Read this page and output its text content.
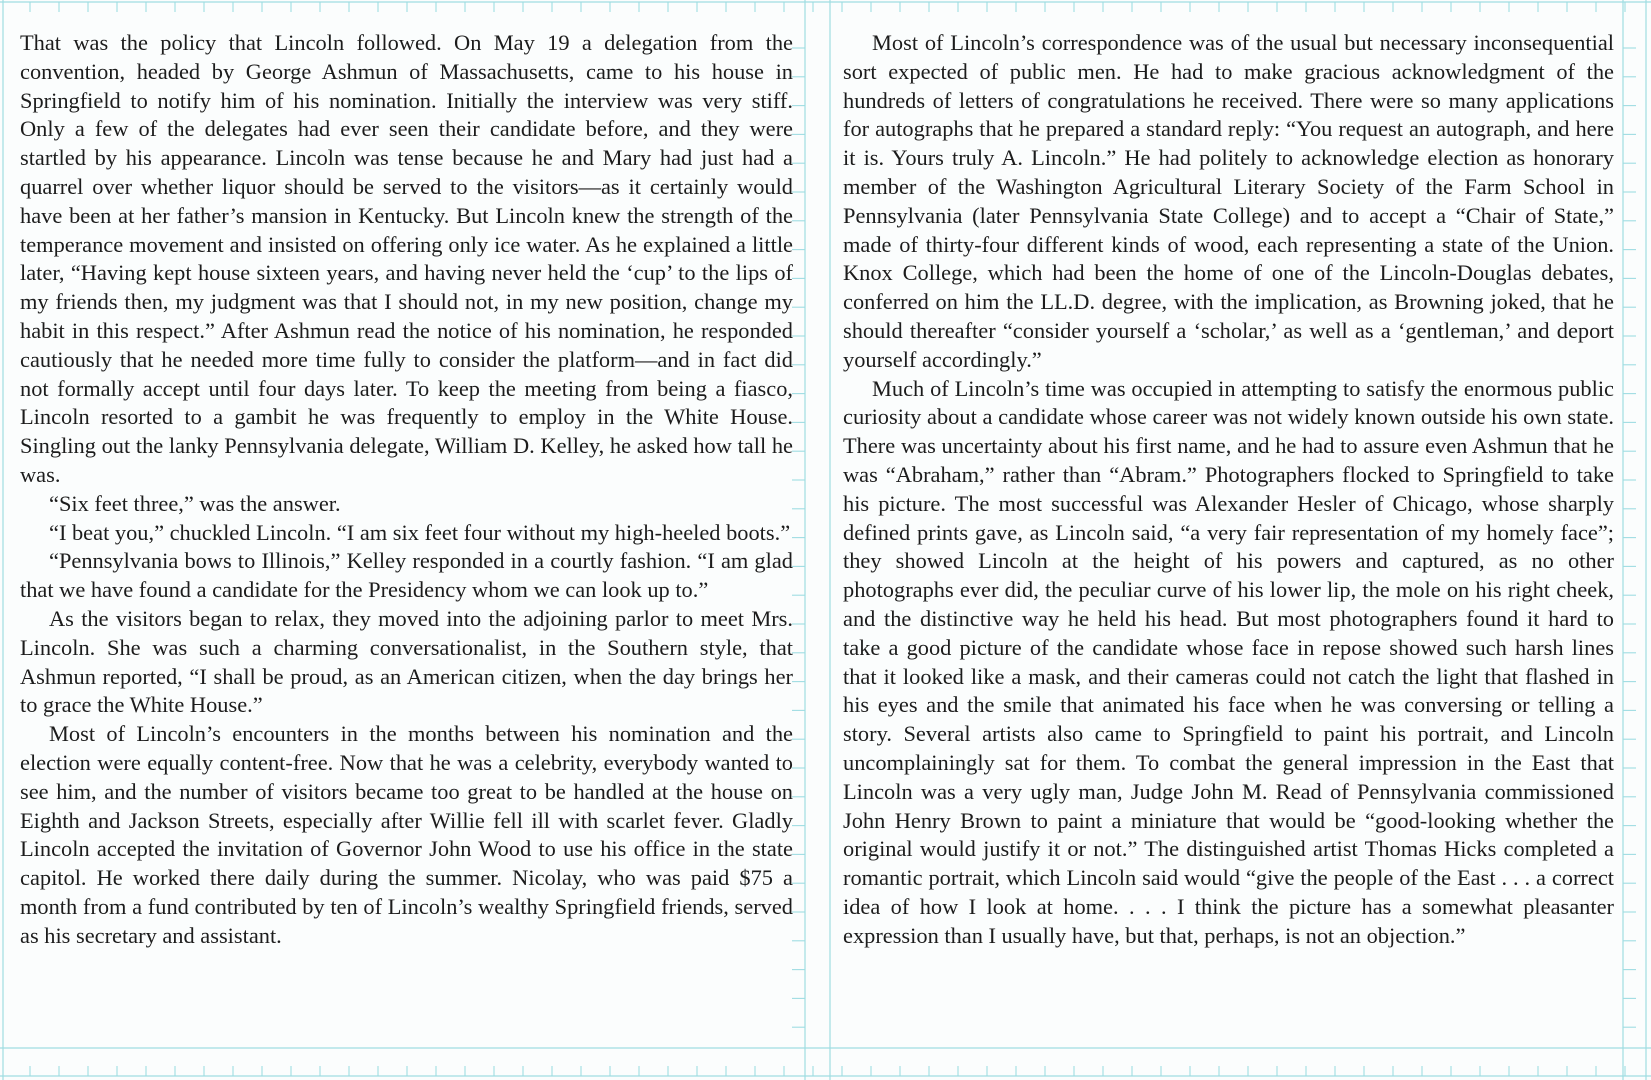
That was the policy that Lincoln followed. On May 19 a delegation from the convention, headed by George Ashmun of Massachusetts, came to his house in Springfield to notify him of his nomination. Initially the interview was very stiff. Only a few of the delegates had ever seen their candidate before, and they were startled by his appearance. Lincoln was tense because he and Mary had just had a quarrel over whether liquor should be served to the visitors—as it certainly would have been at her father’s mansion in Kentucky. But Lincoln knew the strength of the temperance movement and insisted on offering only ice water. As he explained a little later, “Having kept house sixteen years, and having never held the ‘cup’ to the lips of my friends then, my judgment was that I should not, in my new position, change my habit in this respect.” After Ashmun read the notice of his nomination, he responded cautiously that he needed more time fully to consider the platform—and in fact did not formally accept until four days later. To keep the meeting from being a fiasco, Lincoln resorted to a gambit he was frequently to employ in the White House. Singling out the lanky Pennsylvania delegate, William D. Kelley, he asked how tall he was.

“Six feet three,” was the answer.

“I beat you,” chuckled Lincoln. “I am six feet four without my high-heeled boots.”

“Pennsylvania bows to Illinois,” Kelley responded in a courtly fashion. “I am glad that we have found a candidate for the Presidency whom we can look up to.”

As the visitors began to relax, they moved into the adjoining parlor to meet Mrs. Lincoln. She was such a charming conversationalist, in the Southern style, that Ashmun reported, “I shall be proud, as an American citizen, when the day brings her to grace the White House.”

Most of Lincoln’s encounters in the months between his nomination and the election were equally content-free. Now that he was a celebrity, everybody wanted to see him, and the number of visitors became too great to be handled at the house on Eighth and Jackson Streets, especially after Willie fell ill with scarlet fever. Gladly Lincoln accepted the invitation of Governor John Wood to use his office in the state capitol. He worked there daily during the summer. Nicolay, who was paid $75 a month from a fund contributed by ten of Lincoln’s wealthy Springfield friends, served as his secretary and assistant.

Most of Lincoln’s correspondence was of the usual but necessary inconsequential sort expected of public men. He had to make gracious acknowledgment of the hundreds of letters of congratulations he received. There were so many applications for autographs that he prepared a standard reply: “You request an autograph, and here it is. Yours truly A. Lincoln.” He had politely to acknowledge election as honorary member of the Washington Agricultural Literary Society of the Farm School in Pennsylvania (later Pennsylvania State College) and to accept a “Chair of State,” made of thirty-four different kinds of wood, each representing a state of the Union. Knox College, which had been the home of one of the Lincoln-Douglas debates, conferred on him the LL.D. degree, with the implication, as Browning joked, that he should thereafter “consider yourself a ‘scholar,’ as well as a ‘gentleman,’ and deport yourself accordingly.”

Much of Lincoln’s time was occupied in attempting to satisfy the enormous public curiosity about a candidate whose career was not widely known outside his own state. There was uncertainty about his first name, and he had to assure even Ashmun that he was “Abraham,” rather than “Abram.” Photographers flocked to Springfield to take his picture. The most successful was Alexander Hesler of Chicago, whose sharply defined prints gave, as Lincoln said, “a very fair representation of my homely face”; they showed Lincoln at the height of his powers and captured, as no other photographs ever did, the peculiar curve of his lower lip, the mole on his right cheek, and the distinctive way he held his head. But most photographers found it hard to take a good picture of the candidate whose face in repose showed such harsh lines that it looked like a mask, and their cameras could not catch the light that flashed in his eyes and the smile that animated his face when he was conversing or telling a story. Several artists also came to Springfield to paint his portrait, and Lincoln uncomplainingly sat for them. To combat the general impression in the East that Lincoln was a very ugly man, Judge John M. Read of Pennsylvania commissioned John Henry Brown to paint a miniature that would be “good-looking whether the original would justify it or not.” The distinguished artist Thomas Hicks completed a romantic portrait, which Lincoln said would “give the people of the East . . . a correct idea of how I look at home. . . . I think the picture has a somewhat pleasanter expression than I usually have, but that, perhaps, is not an objection.”
